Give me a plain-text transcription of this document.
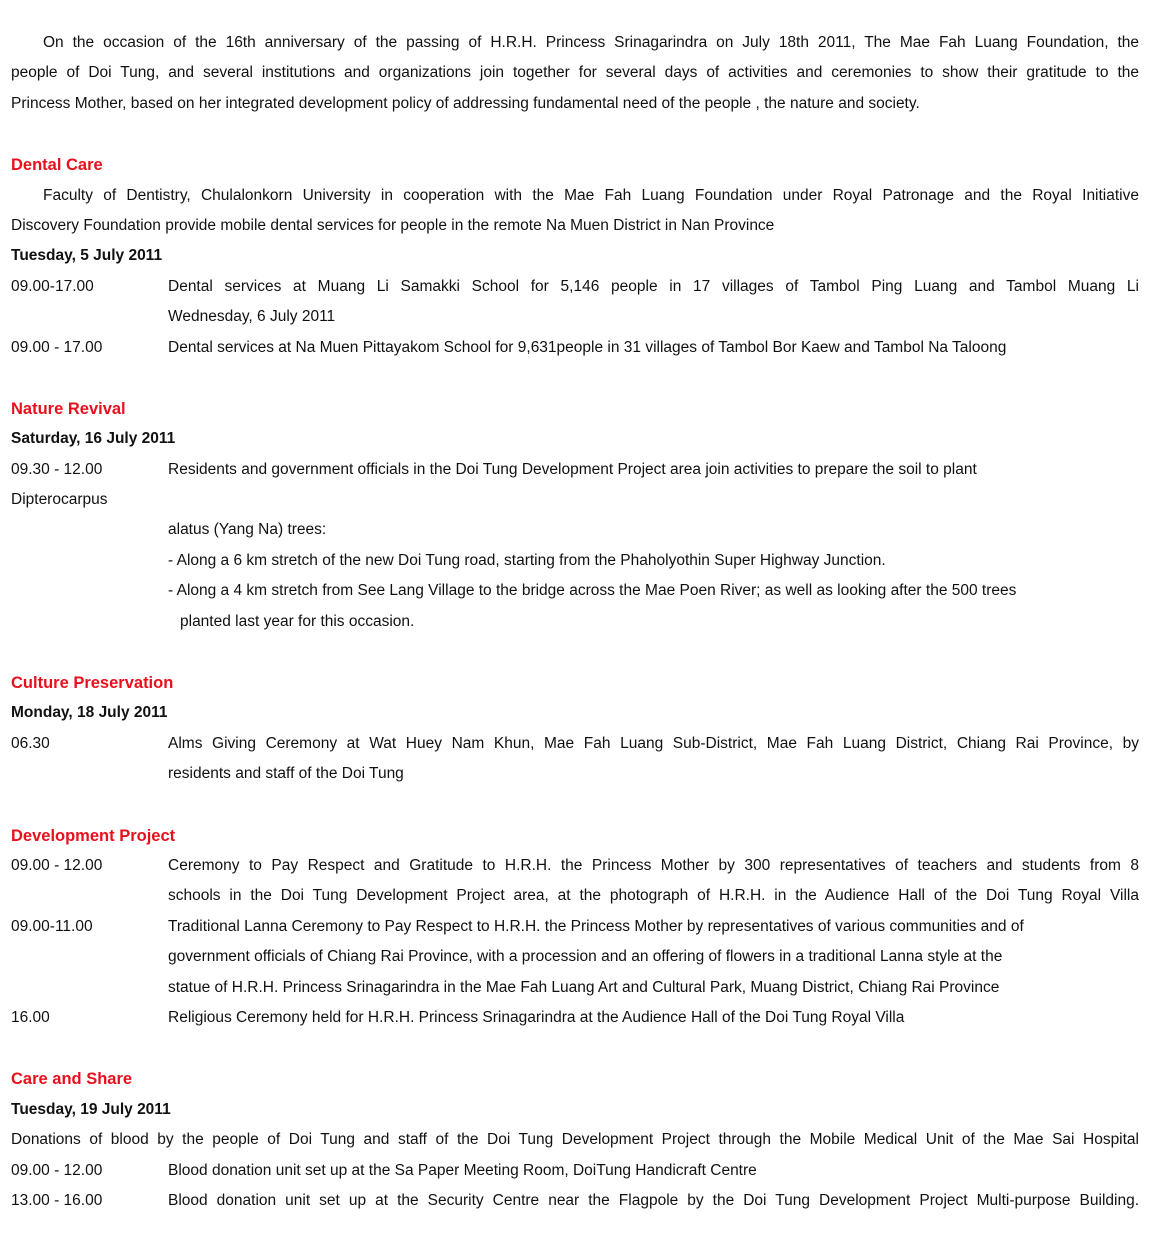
On the occasion of the 16th anniversary of the passing of H.R.H. Princess Srinagarindra on July 18th 2011, The Mae Fah Luang Foundation, the
people of Doi Tung, and several institutions and organizations join together for several days of activities and ceremonies to show their gratitude to the
Princess Mother, based on her integrated development policy of addressing fundamental need of the people , the nature and society.
Dental Care
Faculty of Dentistry, Chulalonkorn University in cooperation with the Mae Fah Luang Foundation under Royal Patronage and the Royal Initiative
Discovery Foundation provide mobile dental services for people in the remote Na Muen District in Nan Province
Tuesday, 5 July 2011
09.00-17.00	Dental services at Muang Li Samakki School for 5,146 people in 17 villages of Tambol Ping Luang and Tambol Muang Li
Wednesday, 6 July 2011
09.00 - 17.00	Dental services at Na Muen Pittayakom School for 9,631people in 31 villages of Tambol Bor Kaew and Tambol Na Taloong
Nature Revival
Saturday, 16 July 2011
09.30 - 12.00	Residents and government officials in the Doi Tung Development Project area join activities to prepare the soil to plant
Dipterocarpus
alatus (Yang Na) trees:
- Along a 6 km stretch of the new Doi Tung road, starting from the Phaholyothin Super Highway Junction.
- Along a 4 km stretch from See Lang Village to the bridge across the Mae Poen River; as well as looking after the 500 trees
planted last year for this occasion.
Culture Preservation
Monday, 18 July 2011
06.30	Alms Giving Ceremony at Wat Huey Nam Khun, Mae Fah Luang Sub-District, Mae Fah Luang District, Chiang Rai Province, by
residents and staff of the Doi Tung
Development Project
09.00 - 12.00	Ceremony to Pay Respect and Gratitude to H.R.H. the Princess Mother by 300 representatives of teachers and students from 8
schools in the Doi Tung Development Project area, at the photograph of H.R.H. in the Audience Hall of the Doi Tung Royal Villa
09.00-11.00	Traditional Lanna Ceremony to Pay Respect to H.R.H. the Princess Mother by representatives of various communities and of
government officials of Chiang Rai Province, with a procession and an offering of flowers in a traditional Lanna style at the
statue of H.R.H. Princess Srinagarindra in the Mae Fah Luang Art and Cultural Park, Muang District, Chiang Rai Province
16.00	Religious Ceremony held for H.R.H. Princess Srinagarindra at the Audience Hall of the Doi Tung Royal Villa
Care and Share
Tuesday, 19 July 2011
Donations of blood by the people of Doi Tung and staff of the Doi Tung Development Project through the Mobile Medical Unit of the Mae Sai Hospital
09.00 - 12.00	Blood donation unit set up at the Sa Paper Meeting Room, DoiTung Handicraft Centre
13.00 - 16.00	Blood donation unit set up at the Security Centre near the Flagpole by the Doi Tung Development Project Multi-purpose Building.
